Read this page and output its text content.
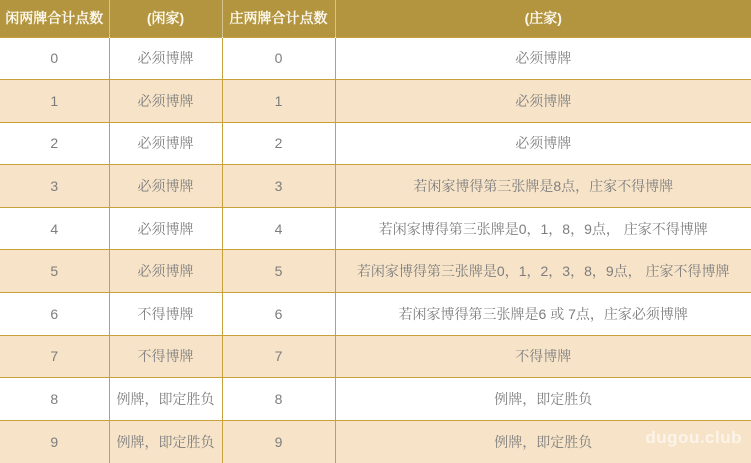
闲两牌合计点数	(闲家)	庄两牌合计点数	(庄家)
0	必须博牌	0	必须博牌
1	必须博牌	1	必须博牌
2	必须博牌	2	必须博牌
3	必须博牌	3	若闲家博得第三张牌是8点，庄家不得博牌
4	必须博牌	4	若闲家博得第三张牌是0，1，8，9点， 庄家不得博牌
5	必须博牌	5	若闲家博得第三张牌是0，1，2，3，8，9点， 庄家不得博牌
6	不得博牌	6	若闲家博得第三张牌是6 或 7点，庄家必须博牌
7	不得博牌	7	不得博牌
8	例牌，即定胜负	8	例牌，即定胜负
9	例牌，即定胜负	9	例牌，即定胜负	dugou.club
